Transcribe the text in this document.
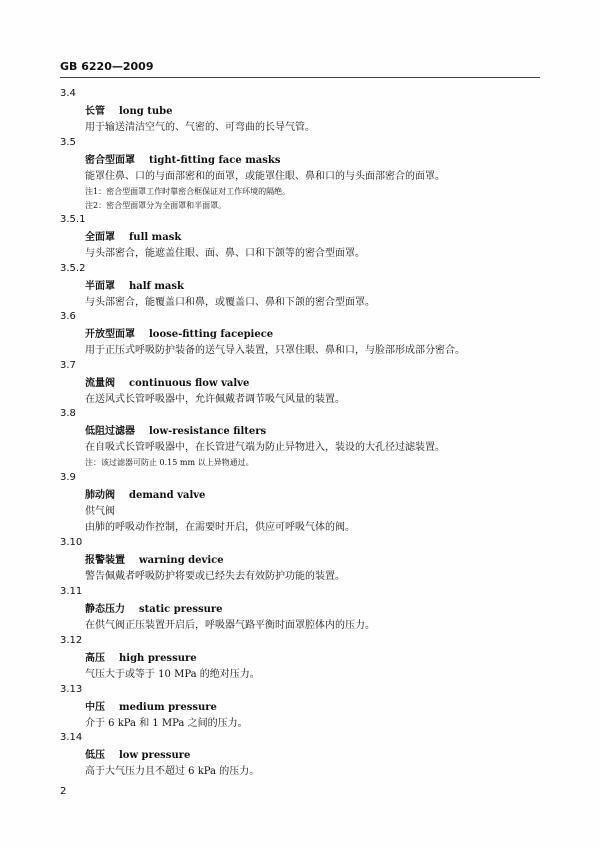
GB 6220—2009
3.4
长管 long tube
用于输送清洁空气的、气密的、可弯曲的长导气管。
3.5
密合型面罩 tight-fitting face masks
能罩住鼻、口的与面部密和的面罩，或能罩住眼、鼻和口的与头面部密合的面罩。
注1：密合型面罩工作时靠密合框保证对工作环境的隔绝。
注2：密合型面罩分为全面罩和半面罩。
3.5.1
全面罩 full mask
与头部密合，能遮盖住眼、面、鼻、口和下颌等的密合型面罩。
3.5.2
半面罩 half mask
与头部密合，能覆盖口和鼻，或覆盖口、鼻和下颌的密合型面罩。
3.6
开放型面罩 loose-fitting facepiece
用于正压式呼吸防护装备的送气导入装置，只罩住眼、鼻和口，与脸部形成部分密合。
3.7
流量阀 continuous flow valve
在送风式长管呼吸器中，允许佩戴者调节吸气风量的装置。
3.8
低阻过滤器 low-resistance filters
在自吸式长管呼吸器中，在长管进气端为防止异物进入，装设的大孔径过滤装置。
注：该过滤器可防止 0.15 mm 以上异物通过。
3.9
肺动阀 demand valve
供气阀
由肺的呼吸动作控制，在需要时开启，供应可呼吸气体的阀。
3.10
报警装置 warning device
警告佩戴者呼吸防护将要或已经失去有效防护功能的装置。
3.11
静态压力 static pressure
在供气阀正压装置开启后，呼吸器气路平衡时面罩腔体内的压力。
3.12
高压 high pressure
气压大于或等于 10 MPa 的绝对压力。
3.13
中压 medium pressure
介于 6 kPa 和 1 MPa 之间的压力。
3.14
低压 low pressure
高于大气压力且不超过 6 kPa 的压力。
2
